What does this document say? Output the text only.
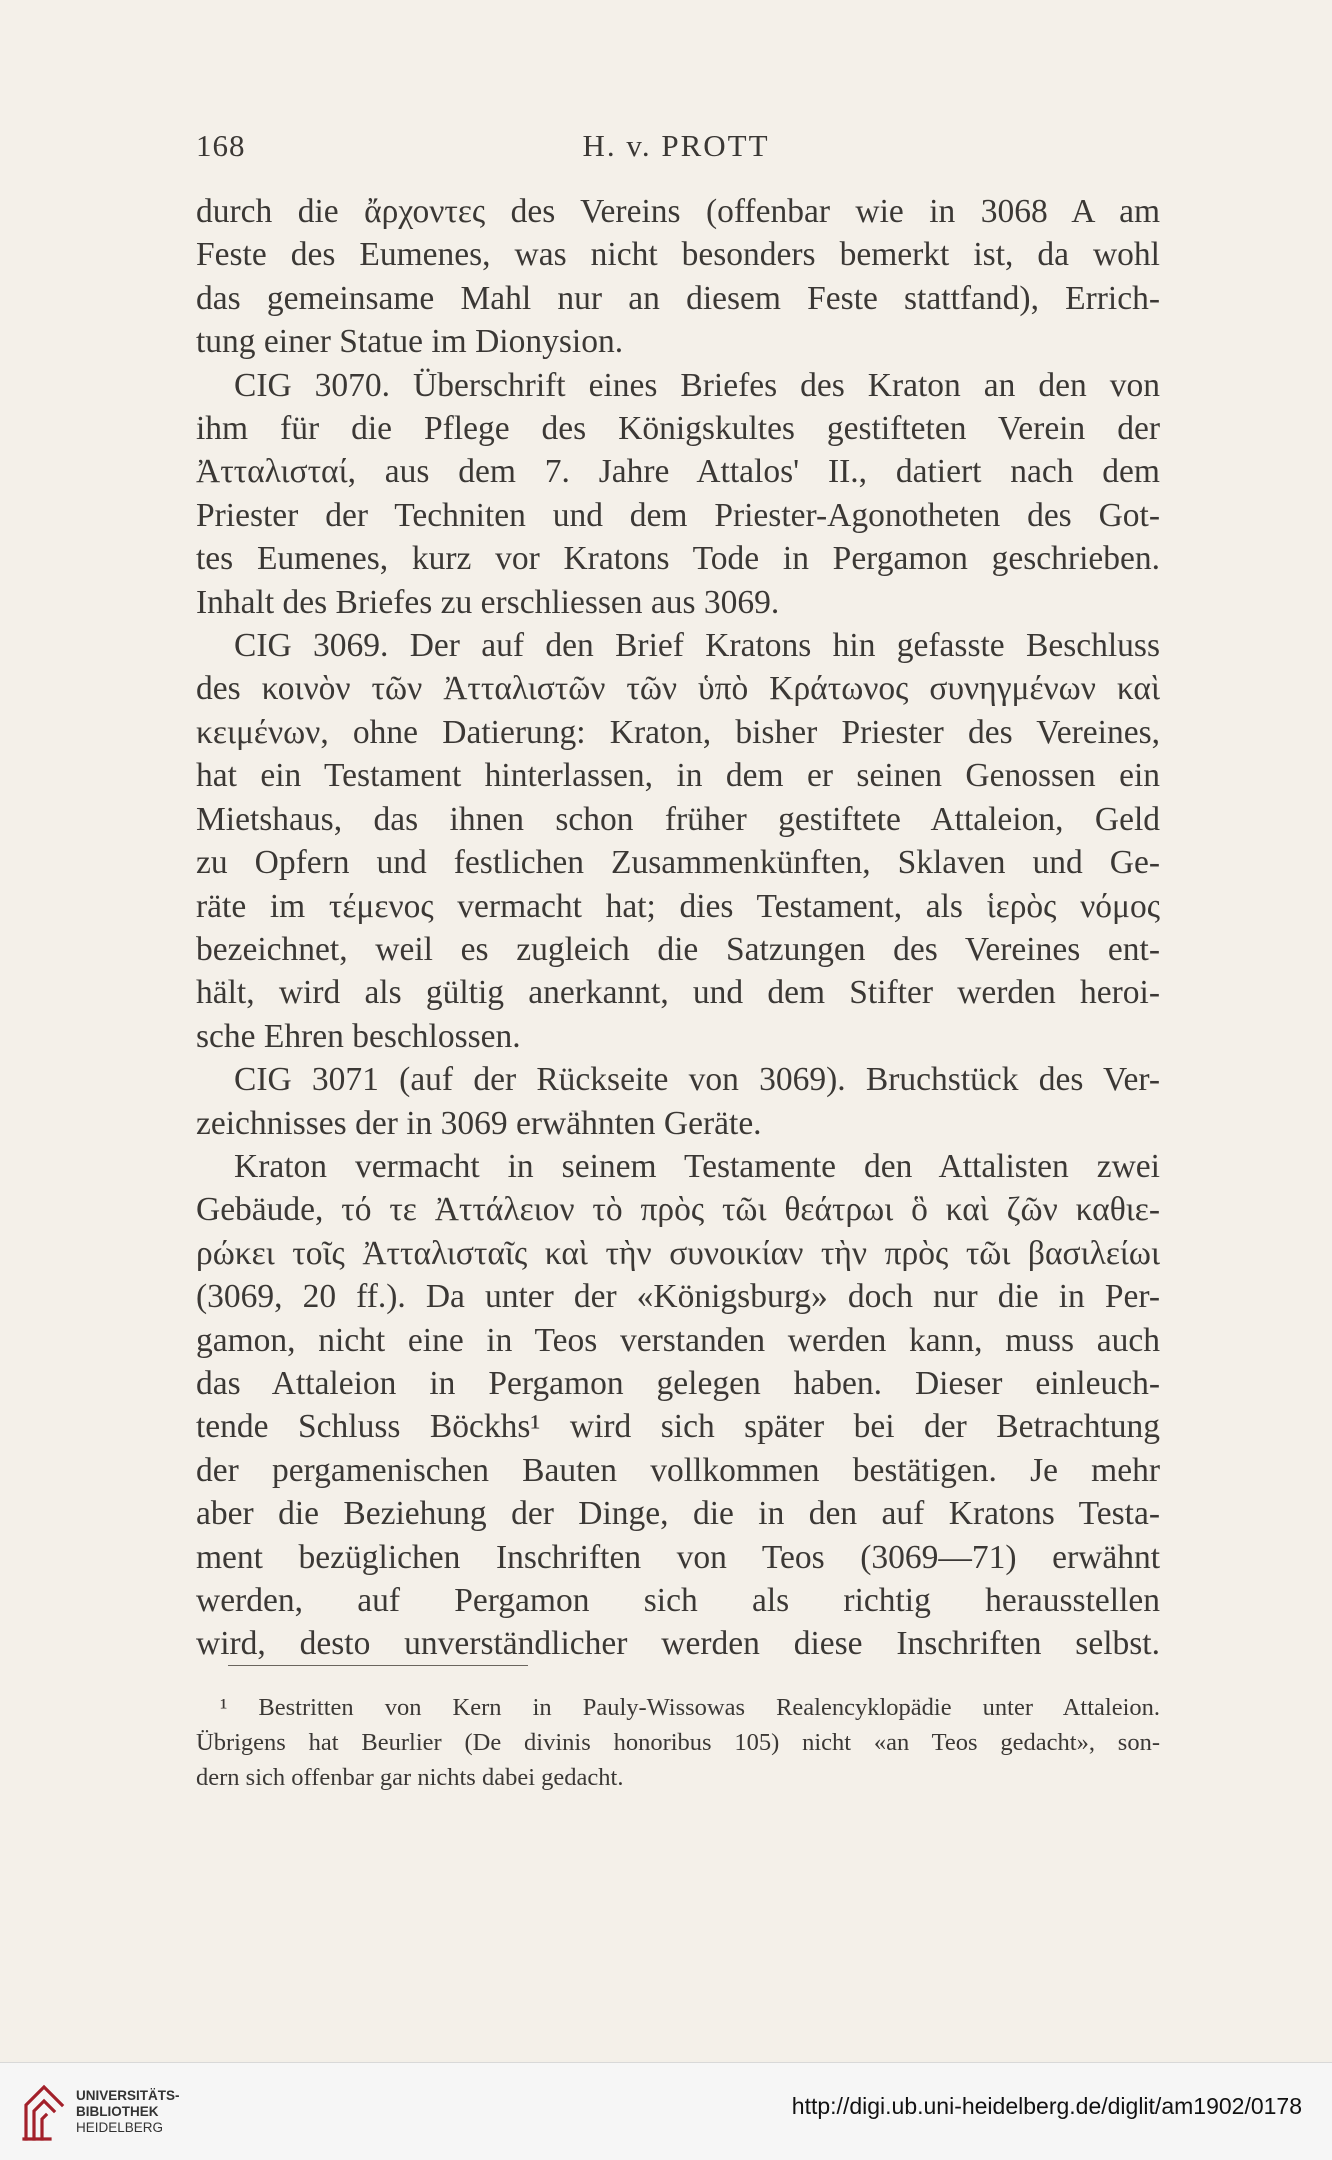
168	H. v. PROTT
durch die ἄρχοντες des Vereins (offenbar wie in 3068 A am
Feste des Eumenes, was nicht besonders bemerkt ist, da wohl
das gemeinsame Mahl nur an diesem Feste stattfand), Errich-
tung einer Statue im Dionysion.
CIG 3070. Überschrift eines Briefes des Kraton an den von
ihm für die Pflege des Königskultes gestifteten Verein der
Ἀτταλισταί, aus dem 7. Jahre Attalos' II., datiert nach dem
Priester der Techniten und dem Priester-Agonotheten des Got-
tes Eumenes, kurz vor Kratons Tode in Pergamon geschrieben.
Inhalt des Briefes zu erschliessen aus 3069.
CIG 3069. Der auf den Brief Kratons hin gefasste Beschluss
des κοινὸν τῶν Ἀτταλιστῶν τῶν ὑπὸ Κράτωνος συνηγμένων καὶ
κειμένων, ohne Datierung: Kraton, bisher Priester des Vereines,
hat ein Testament hinterlassen, in dem er seinen Genossen ein
Mietshaus, das ihnen schon früher gestiftete Attaleion, Geld
zu Opfern und festlichen Zusammenkünften, Sklaven und Ge-
räte im τέμενος vermacht hat; dies Testament, als ἱερὸς νόμος
bezeichnet, weil es zugleich die Satzungen des Vereines ent-
hält, wird als gültig anerkannt, und dem Stifter werden heroi-
sche Ehren beschlossen.
CIG 3071 (auf der Rückseite von 3069). Bruchstück des Ver-
zeichnisses der in 3069 erwähnten Geräte.
Kraton vermacht in seinem Testamente den Attalisten zwei
Gebäude, τό τε Ἀττάλειον τὸ πρὸς τῶι θεάτρωι ὃ καὶ ζῶν καθιε-
ρώκει τοῖς Ἀτταλισταῖς καὶ τὴν συνοικίαν τὴν πρὸς τῶι βασιλείωι
(3069, 20 ff.). Da unter der «Königsburg» doch nur die in Per-
gamon, nicht eine in Teos verstanden werden kann, muss auch
das Attaleion in Pergamon gelegen haben. Dieser einleuch-
tende Schluss Böckhs¹ wird sich später bei der Betrachtung
der pergamenischen Bauten vollkommen bestätigen. Je mehr
aber die Beziehung der Dinge, die in den auf Kratons Testa-
ment bezüglichen Inschriften von Teos (3069—71) erwähnt
werden, auf Pergamon sich als richtig herausstellen
wird, desto unverständlicher werden diese Inschriften selbst.
¹ Bestritten von Kern in Pauly-Wissowas Realencyklopädie unter Attaleion.
Übrigens hat Beurlier (De divinis honoribus 105) nicht «an Teos gedacht», son-
dern sich offenbar gar nichts dabei gedacht.
UNIVERSITÄTS-
BIBLIOTHEK
HEIDELBERG
http://digi.ub.uni-heidelberg.de/diglit/am1902/0178
